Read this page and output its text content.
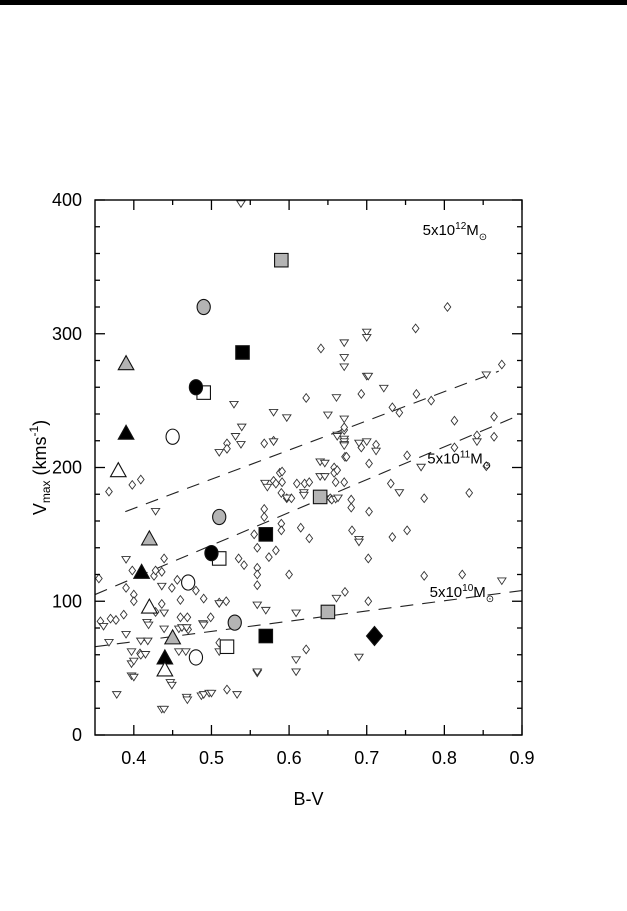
0.4	0.5	0.6	0.7	0.8	0.9
0
100
200
300
400
B-V
$V_{max}$ (kms$^{-1}$)
$5x10^{12}M_⊙$
$5x10^{11}M_⊙$
$5x10^{10}M_⊙$
